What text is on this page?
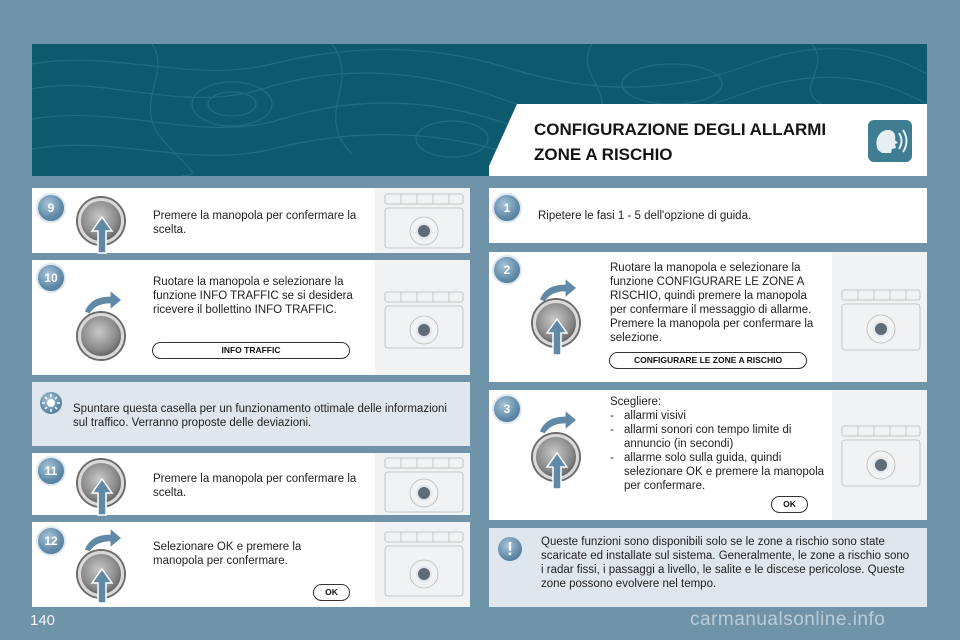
CONFIGURAZIONE DEGLI ALLARMI
ZONE A RISCHIO
9
Premere la manopola per confermare la scelta.
10	Ruotare la manopola e selezionare la funzione INFO TRAFFIC se si desidera ricevere il bollettino INFO TRAFFIC.
INFO TRAFFIC
Spuntare questa casella per un funzionamento ottimale delle informazioni sul traffico. Verranno proposte delle deviazioni.
11
Premere la manopola per confermare la scelta.
12	Selezionare OK e premere la manopola per confermare.
OK
1
Ripetere le fasi 1 - 5 dell'opzione di guida.
2	Ruotare la manopola e selezionare la funzione CONFIGURARE LE ZONE A RISCHIO, quindi premere la manopola per confermare il messaggio di allarme. Premere la manopola per confermare la selezione.
CONFIGURARE LE ZONE A RISCHIO
3	Scegliere:
- allarmi visivi
- allarmi sonori con tempo limite di annuncio (in secondi)
- allarme solo sulla guida, quindi selezionare OK e premere la manopola per confermare.
OK
!	Queste funzioni sono disponibili solo se le zone a rischio sono state scaricate ed installate sul sistema. Generalmente, le zone a rischio sono i radar fissi, i passaggi a livello, le salite e le discese pericolose. Queste zone possono evolvere nel tempo.
140	carmanualsonline.info
